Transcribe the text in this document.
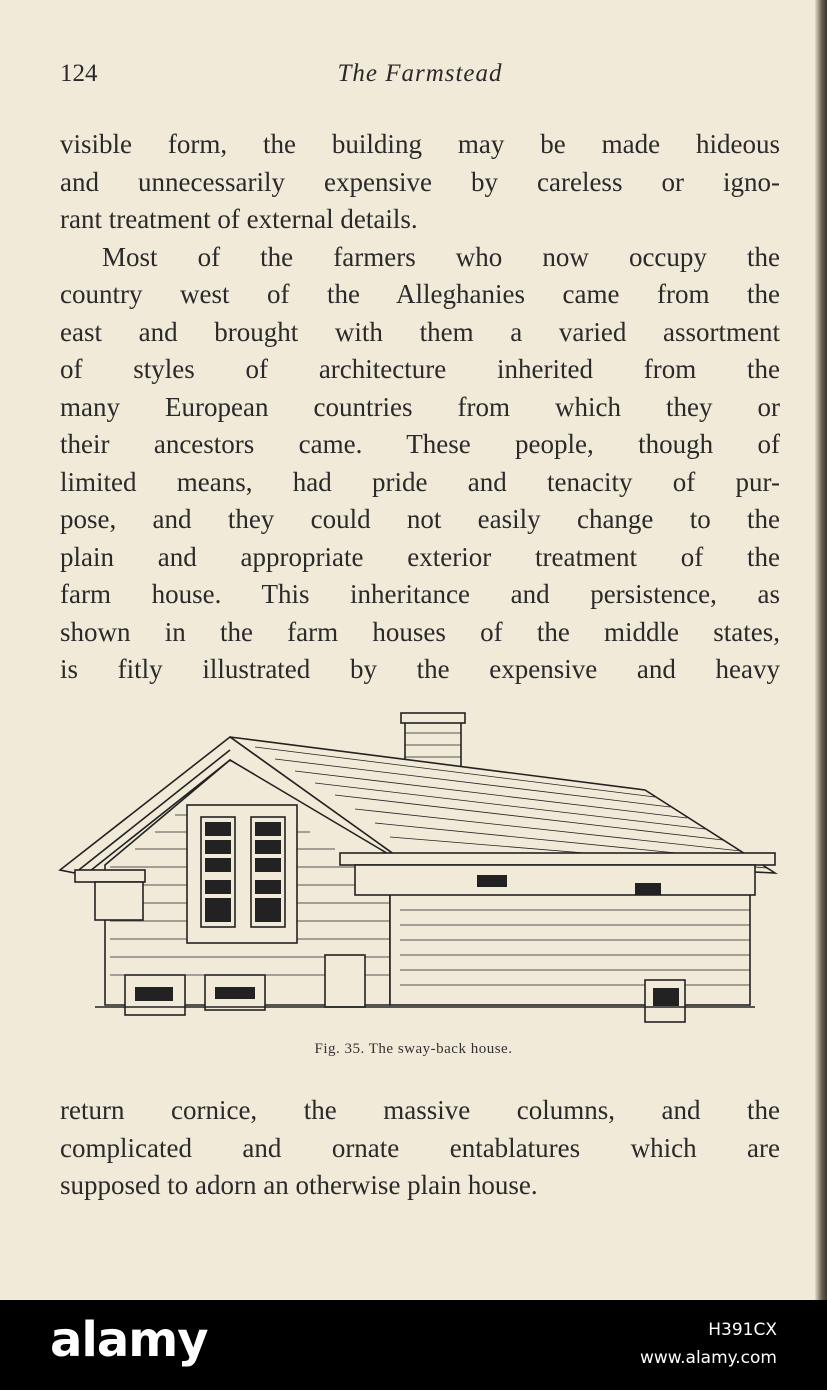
124	The Farmstead
visible form, the building may be made hideous
and unnecessarily expensive by careless or igno-
rant treatment of external details.
Most of the farmers who now occupy the
country west of the Alleghanies came from the
east and brought with them a varied assortment
of styles of architecture inherited from the
many European countries from which they or
their ancestors came. These people, though of
limited means, had pride and tenacity of pur-
pose, and they could not easily change to the
plain and appropriate exterior treatment of the
farm house. This inheritance and persistence, as
shown in the farm houses of the middle states,
is fitly illustrated by the expensive and heavy
Fig. 35. The sway-back house.
return cornice, the massive columns, and the
complicated and ornate entablatures which are
supposed to adorn an otherwise plain house.
alamy	H391CX
www.alamy.com
